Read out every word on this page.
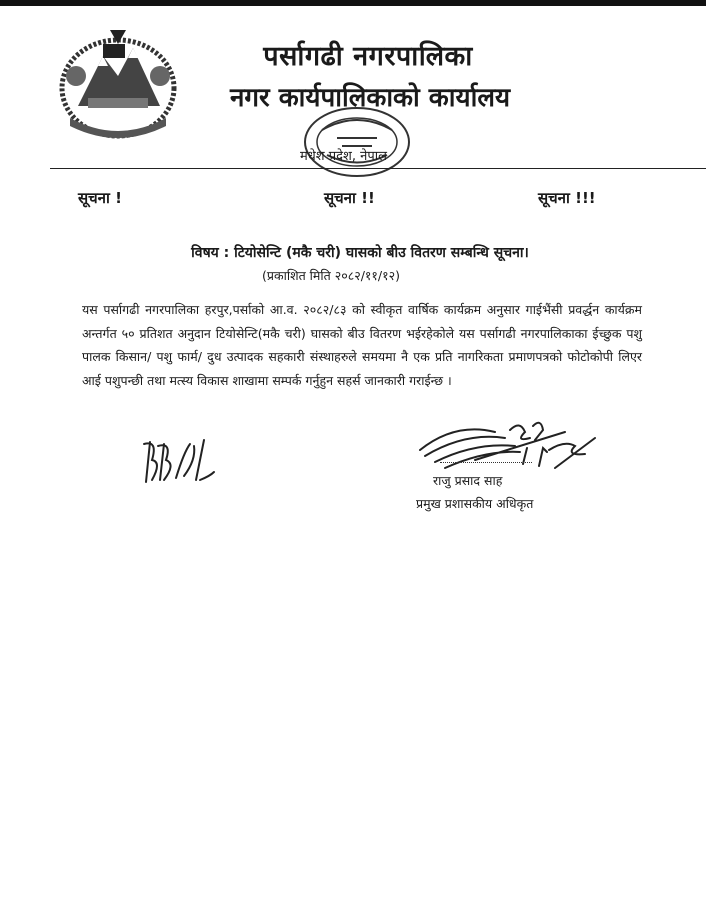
पर्सागढी नगरपालिका
नगर कार्यपालिकाको कार्यालय
मधेश प्रदेश, नेपाल
सूचना !	सूचना !!	सूचना !!!
विषय : टियोसेन्टि (मकै चरी) घासको बीउ वितरण सम्बन्धि सूचना।
(प्रकाशित मिति २०८२/११/१२)
यस पर्सागढी नगरपालिका हरपुर,पर्साको आ.व. २०८२/८३ को स्वीकृत वार्षिक कार्यक्रम अनुसार गाईभैंसी प्रवर्द्धन कार्यक्रम अन्तर्गत ५० प्रतिशत अनुदान टियोसेन्टि(मकै चरी) घासको बीउ वितरण भईरहेकोले यस पर्सागढी नगरपालिकाका ईच्छुक पशु पालक किसान/ पशु फार्म/ दुध उत्पादक सहकारी संस्थाहरुले समयमा नै एक प्रति नागरिकता प्रमाणपत्रको फोटोकोपी लिएर आई पशुपन्छी तथा मत्स्य विकास शाखामा सम्पर्क गर्नुहुन सहर्स जानकारी गराईन्छ ।
राजु प्रसाद साह
प्रमुख प्रशासकीय अधिकृत
